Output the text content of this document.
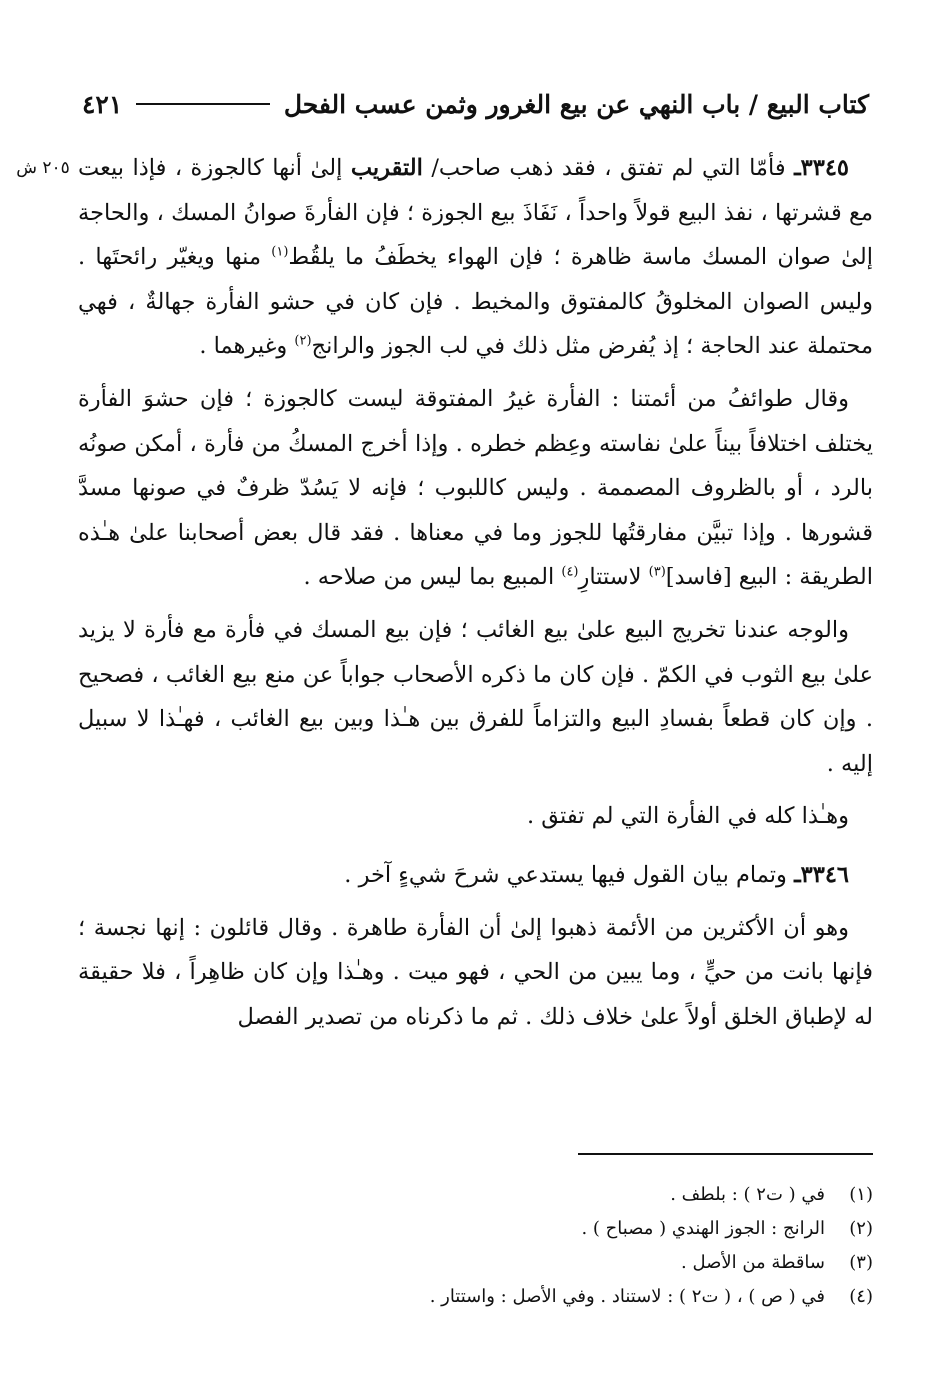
كتاب البيع / باب النهي عن بيع الغرور وثمن عسب الفحل
٤٢١
٢٠٥ ش	٣٣٤٥ـ فأمّا التي لم تفتق ، فقد ذهب صاحب/ التقريب إلىٰ أنها كالجوزة ، فإذا بيعت مع قشرتها ، نفذ البيع قولاً واحداً ، نَفَاذَ بيع الجوزة ؛ فإن الفأرةَ صوانُ المسك ، والحاجة إلىٰ صوان المسك ماسة ظاهرة ؛ فإن الهواء يخطَفُ ما يلقُط$^{(١)}$ منها ويغيّر رائحتَها . وليس الصوان المخلوقُ كالمفتوق والمخيط . فإن كان في حشو الفأرة جهالةٌ ، فهي محتملة عند الحاجة ؛ إذ يُفرض مثل ذلك في لب الجوز والرانج$^{(٢)}$ وغيرهما .

وقال طوائفُ من أئمتنا : الفأرة غيرُ المفتوقة ليست كالجوزة ؛ فإن حشوَ الفأرة يختلف اختلافاً بيناً علىٰ نفاسته وعِظم خطره . وإذا أخرج المسكُ من فأرة ، أمكن صونُه بالرد ، أو بالظروف المصممة . وليس كاللبوب ؛ فإنه لا يَسُدّ ظرفٌ في صونها مسدَّ قشورها . وإذا تبيَّن مفارقتُها للجوز وما في معناها . فقد قال بعض أصحابنا علىٰ هـٰذه الطريقة : البيع [فاسد]$^{(٣)}$ لاستتارِ$^{(٤)}$ المبيع بما ليس من صلاحه .

والوجه عندنا تخريج البيع علىٰ بيع الغائب ؛ فإن بيع المسك في فأرة مع فأرة لا يزيد علىٰ بيع الثوب في الكمّ . فإن كان ما ذكره الأصحاب جواباً عن منع بيع الغائب ، فصحيح . وإن كان قطعاً بفسادِ البيع والتزاماً للفرق بين هـٰذا وبين بيع الغائب ، فهـٰذا لا سبيل إليه .

وهـٰذا كله في الفأرة التي لم تفتق .

٣٣٤٦ـ وتمام بيان القول فيها يستدعي شرحَ شيءٍ آخر .

وهو أن الأكثرين من الأئمة ذهبوا إلىٰ أن الفأرة طاهرة . وقال قائلون : إنها نجسة ؛ فإنها بانت من حيٍّ ، وما يبين من الحي ، فهو ميت . وهـٰذا وإن كان ظاهِراً ، فلا حقيقة له لإطباق الخلق أولاً علىٰ خلاف ذلك . ثم ما ذكرناه من تصدير الفصل

(١)
في ( ت٢ ) : بلطف .
(٢)
الرانج : الجوز الهندي ( مصباح ) .
(٣)
ساقطة من الأصل .
(٤)
في ( ص ) ، ( ت٢ ) : لاستناد . وفي الأصل : واستتار .
